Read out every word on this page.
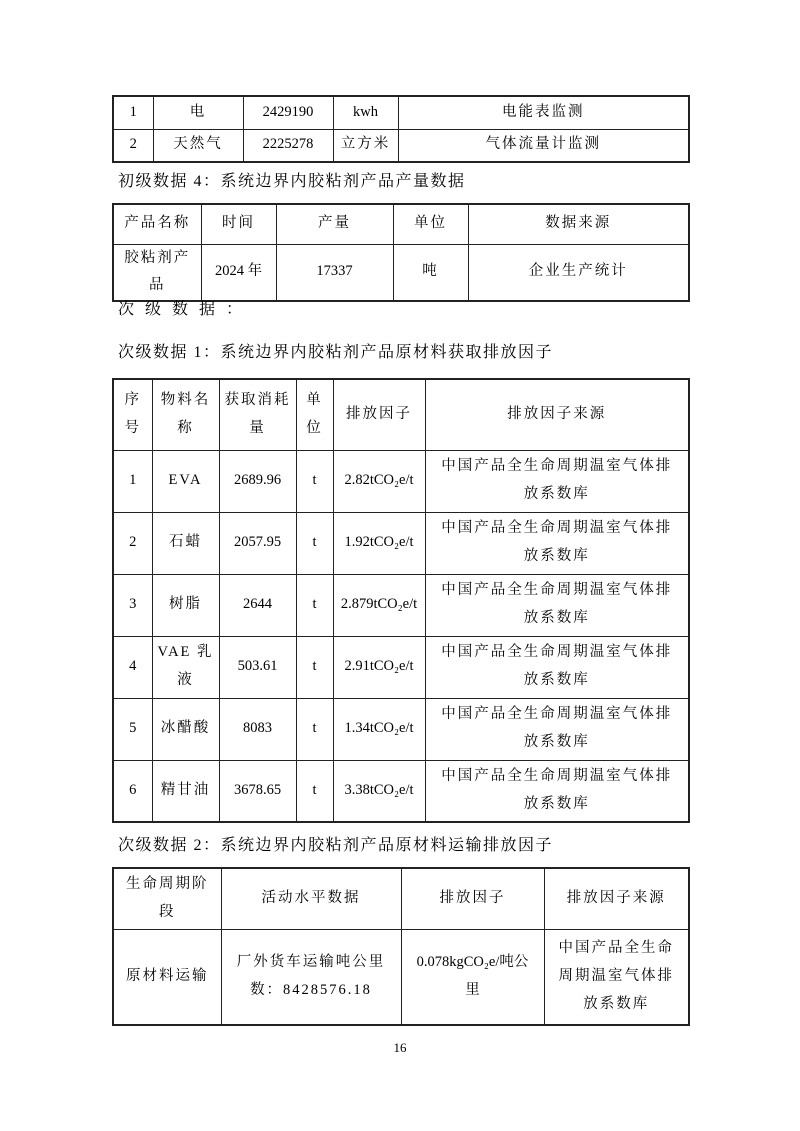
1	电	2429190	kwh	电能表监测
2	天然气	2225278	立方米	气体流量计监测
初级数据 4：系统边界内胶粘剂产品产量数据
产品名称	时间	产量	单位	数据来源
胶粘剂产品	2024 年	17337	吨	企业生产统计
次级数据：
次级数据 1：系统边界内胶粘剂产品原材料获取排放因子
序号	物料名称	获取消耗量	单位	排放因子	排放因子来源
1	EVA	2689.96	t	2.82tCO₂e/t	中国产品全生命周期温室气体排放系数库
2	石蜡	2057.95	t	1.92tCO₂e/t	中国产品全生命周期温室气体排放系数库
3	树脂	2644	t	2.879tCO₂e/t	中国产品全生命周期温室气体排放系数库
4	VAE 乳液	503.61	t	2.91tCO₂e/t	中国产品全生命周期温室气体排放系数库
5	冰醋酸	8083	t	1.34tCO₂e/t	中国产品全生命周期温室气体排放系数库
6	精甘油	3678.65	t	3.38tCO₂e/t	中国产品全生命周期温室气体排放系数库
次级数据 2：系统边界内胶粘剂产品原材料运输排放因子
生命周期阶段	活动水平数据	排放因子	排放因子来源
原材料运输	厂外货车运输吨公里数：8428576.18	0.078kgCO₂e/吨公里	中国产品全生命周期温室气体排放系数库
16
